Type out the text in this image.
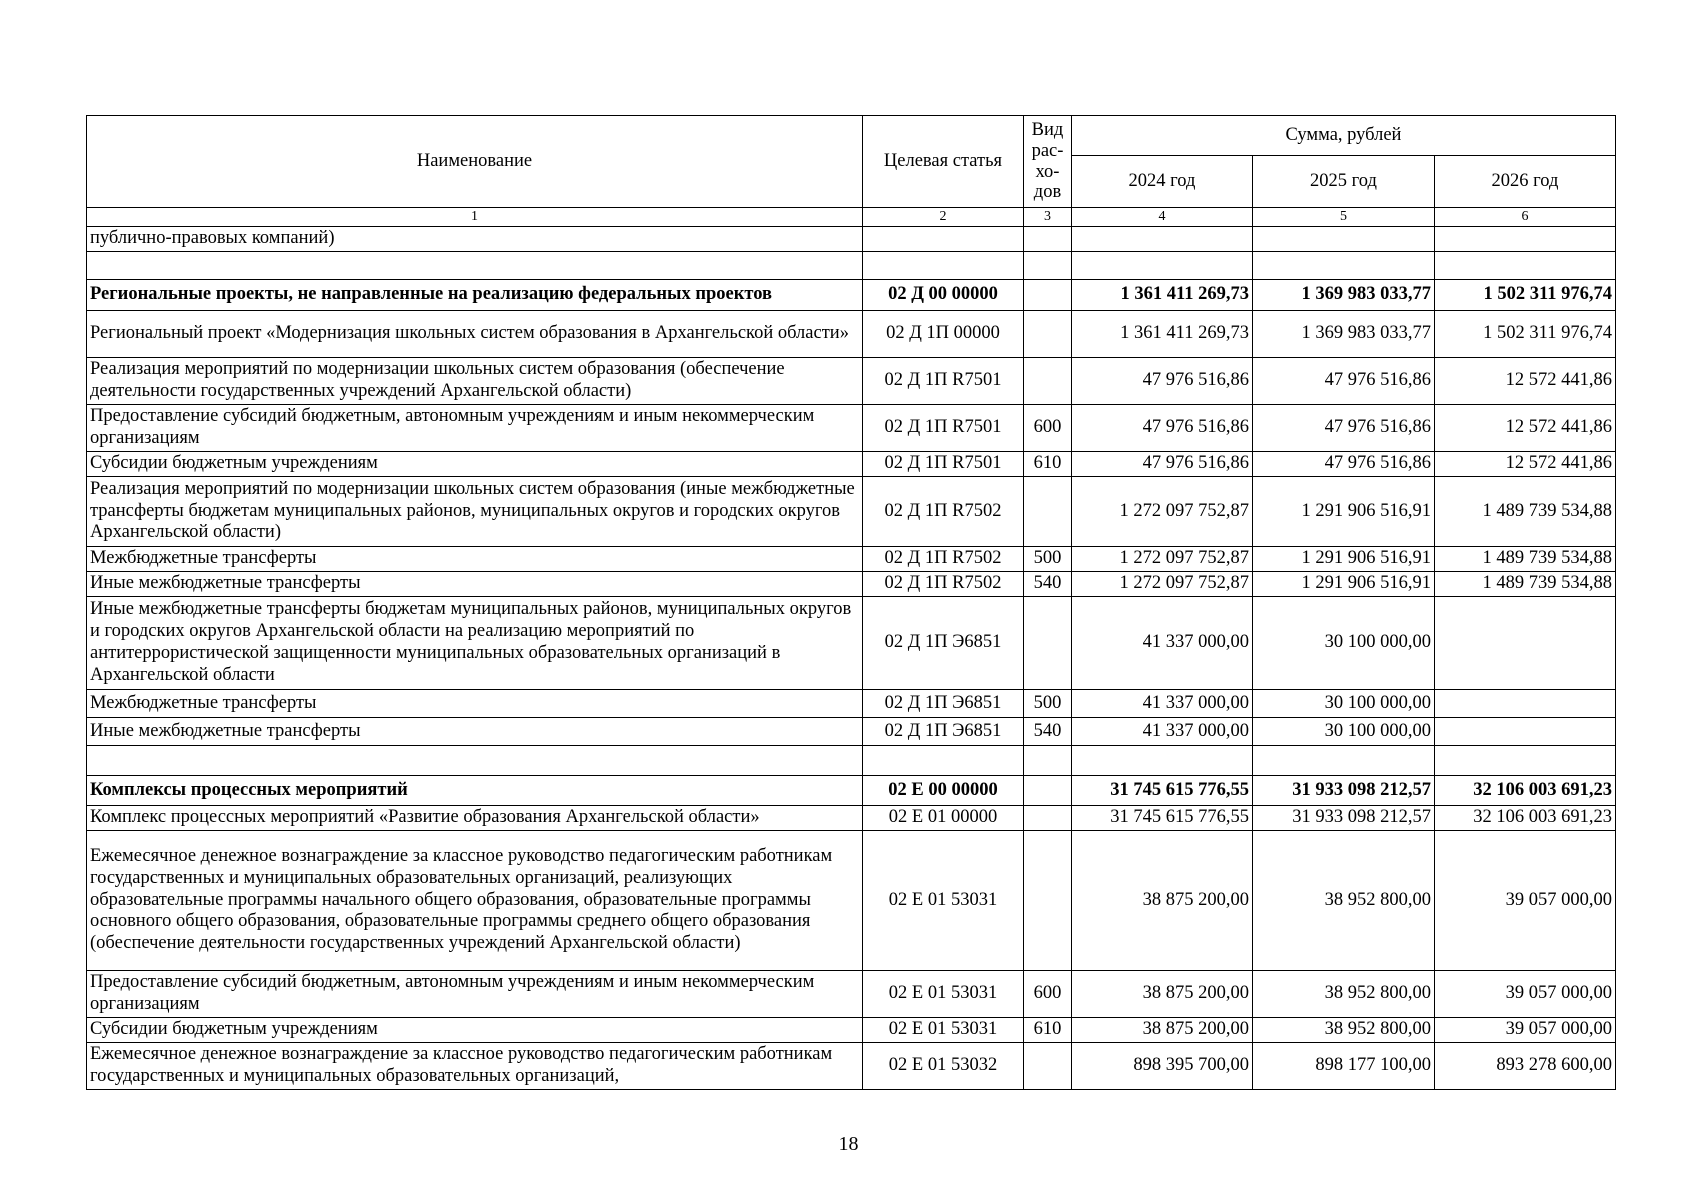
Наименование	Целевая статья	Вид
рас-
хо-
дов	Сумма, рублей		
			2024 год	2025 год	2026 год
1	2	3	4	5	6
публично-правовых компаний)					

Региональные проекты, не направленные на реализацию федеральных проектов	02 Д 00 00000		1 361 411 269,73	1 369 983 033,77	1 502 311 976,74
Региональный проект «Модернизация школьных систем образования в Архангельской области»	02 Д 1П 00000		1 361 411 269,73	1 369 983 033,77	1 502 311 976,74
Реализация мероприятий по модернизации школьных систем образования (обеспечение деятельности государственных учреждений Архангельской области)	02 Д 1П R7501		47 976 516,86	47 976 516,86	12 572 441,86
Предоставление субсидий бюджетным, автономным учреждениям и иным некоммерческим организациям	02 Д 1П R7501	600	47 976 516,86	47 976 516,86	12 572 441,86
Субсидии бюджетным учреждениям	02 Д 1П R7501	610	47 976 516,86	47 976 516,86	12 572 441,86
Реализация мероприятий по модернизации школьных систем образования (иные межбюджетные трансферты бюджетам муниципальных районов, муниципальных округов и городских округов Архангельской области)	02 Д 1П R7502		1 272 097 752,87	1 291 906 516,91	1 489 739 534,88
Межбюджетные трансферты	02 Д 1П R7502	500	1 272 097 752,87	1 291 906 516,91	1 489 739 534,88
Иные межбюджетные трансферты	02 Д 1П R7502	540	1 272 097 752,87	1 291 906 516,91	1 489 739 534,88
Иные межбюджетные трансферты бюджетам муниципальных районов, муниципальных округов и городских округов Архангельской области на реализацию мероприятий по антитеррористической защищенности муниципальных образовательных организаций в Архангельской области	02 Д 1П Э6851		41 337 000,00	30 100 000,00	
Межбюджетные трансферты	02 Д 1П Э6851	500	41 337 000,00	30 100 000,00	
Иные межбюджетные трансферты	02 Д 1П Э6851	540	41 337 000,00	30 100 000,00	

Комплексы процессных мероприятий	02 Е 00 00000		31 745 615 776,55	31 933 098 212,57	32 106 003 691,23
Комплекс процессных мероприятий «Развитие образования Архангельской области»	02 Е 01 00000		31 745 615 776,55	31 933 098 212,57	32 106 003 691,23
Ежемесячное денежное вознаграждение за классное руководство педагогическим работникам государственных и муниципальных образовательных организаций, реализующих образовательные программы начального общего образования, образовательные программы основного общего образования, образовательные программы среднего общего образования (обеспечение деятельности государственных учреждений Архангельской области)	02 Е 01 53031		38 875 200,00	38 952 800,00	39 057 000,00
Предоставление субсидий бюджетным, автономным учреждениям и иным некоммерческим организациям	02 Е 01 53031	600	38 875 200,00	38 952 800,00	39 057 000,00
Субсидии бюджетным учреждениям	02 Е 01 53031	610	38 875 200,00	38 952 800,00	39 057 000,00
Ежемесячное денежное вознаграждение за классное руководство педагогическим работникам государственных и муниципальных образовательных организаций,	02 Е 01 53032		898 395 700,00	898 177 100,00	893 278 600,00
18
